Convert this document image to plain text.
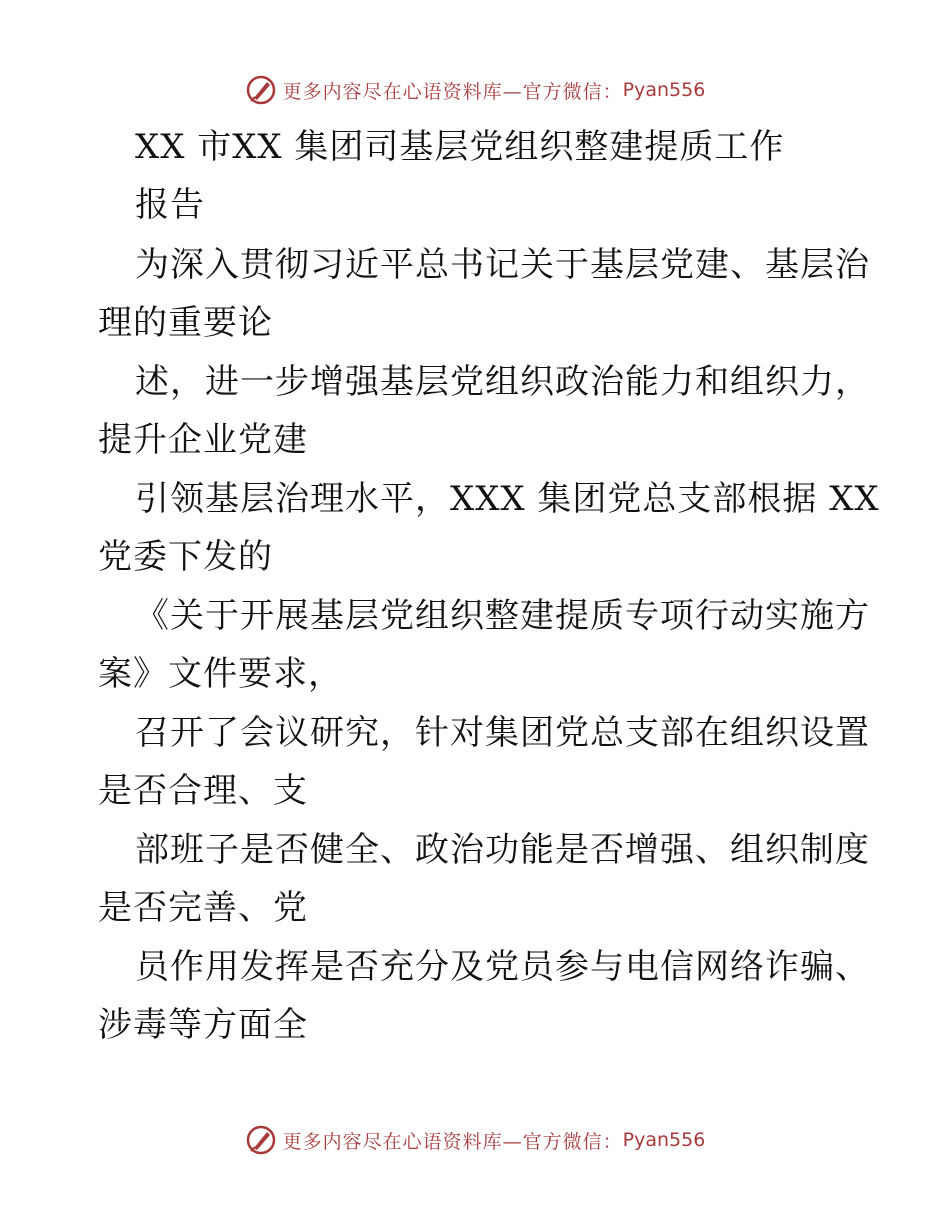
更多内容尽在心语资料库—官方微信： Pyan556
XX 市XX 集团司基层党组织整建提质工作
报告
为深入贯彻习近平总书记关于基层党建、基层治
理的重要论
述，进一步增强基层党组织政治能力和组织力，
提升企业党建
引领基层治理水平，XXX 集团党总支部根据 XX
党委下发的
《关于开展基层党组织整建提质专项行动实施方
案》文件要求，
召开了会议研究，针对集团党总支部在组织设置
是否合理、支
部班子是否健全、政治功能是否增强、组织制度
是否完善、党
员作用发挥是否充分及党员参与电信网络诈骗、
涉毒等方面全
更多内容尽在心语资料库—官方微信： Pyan556
